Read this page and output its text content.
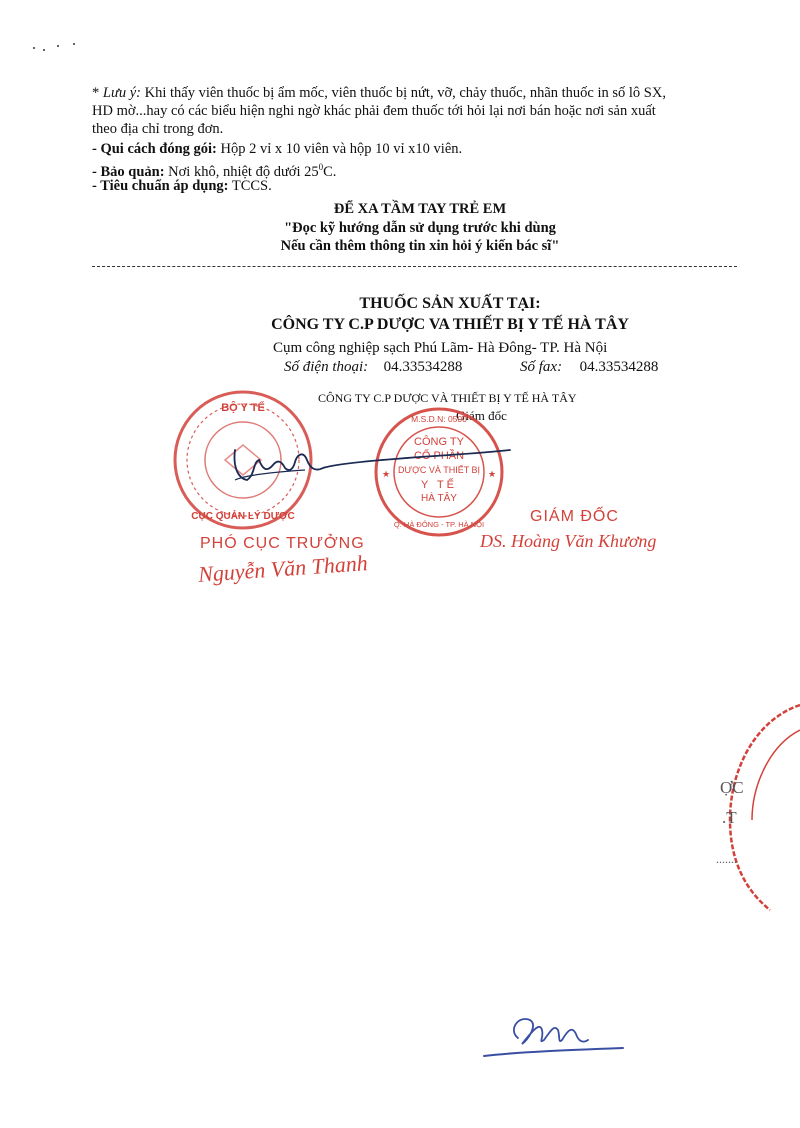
* Lưu ý: Khi thấy viên thuốc bị ẩm mốc, viên thuốc bị nứt, vỡ, chảy thuốc, nhãn thuốc in số lô SX,
HD mờ...hay có các biểu hiện nghi ngờ khác phải đem thuốc tới hỏi lại nơi bán hoặc nơi sản xuất
theo địa chỉ trong đơn.
- Qui cách đóng gói: Hộp 2 vỉ x 10 viên và hộp 10 vỉ x10 viên.
- Bảo quản: Nơi khô, nhiệt độ dưới $25^0C$.
- Tiêu chuẩn áp dụng: TCCS.
ĐỂ XA TẦM TAY TRẺ EM
"Đọc kỹ hướng dẫn sử dụng trước khi dùng
Nếu cần thêm thông tin xin hỏi ý kiến bác sĩ"
THUỐC SẢN XUẤT TẠI:
CÔNG TY C.P DƯỢC VA THIẾT BỊ Y TẾ HÀ TÂY
Cụm công nghiệp sạch Phú Lãm- Hà Đông- TP. Hà Nội
Số điện thoại: 04.33534288	Số fax: 04.33534288
CÔNG TY C.P DƯỢC VÀ THIẾT BỊ Y TẾ HÀ TÂY
Giám đốc
BỘ Y TẾ
CỤC QUẢN LÝ DƯỢC
M.S.D.N: 0500
CÔNG TY
CỔ PHẦN
DƯỢC VÀ THIẾT BỊ
Y TẾ
HÀ TÂY
Q. HÀ ĐÔNG - TP. HÀ NỘI
★	★
PHÓ CỤC TRƯỞNG
Nguyễn Văn Thanh
GIÁM ĐỐC
DS. Hoàng Văn Khương
ỢC
.T
.......
